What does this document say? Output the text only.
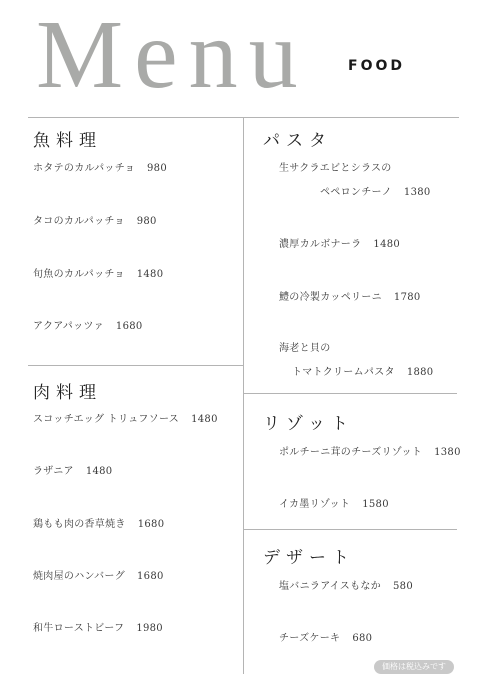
Menu	FOOD
魚料理
ホタテのカルパッチョ 980
タコのカルパッチョ 980
旬魚のカルパッチョ 1480
アクアパッツァ 1680
肉料理
スコッチエッグ トリュフソース 1480
ラザニア 1480
鶏もも肉の香草焼き 1680
焼肉屋のハンバーグ 1680
和牛ローストビーフ 1980
パスタ
生サクラエビとシラスの
ペペロンチーノ 1380
濃厚カルボナーラ 1480
鱧の冷製カッペリーニ 1780
海老と貝の
トマトクリームパスタ 1880
リゾット
ポルチーニ茸のチーズリゾット 1380
イカ墨リゾット 1580
デザート
塩バニラアイスもなか 580
チーズケーキ 680
価格は税込みです
